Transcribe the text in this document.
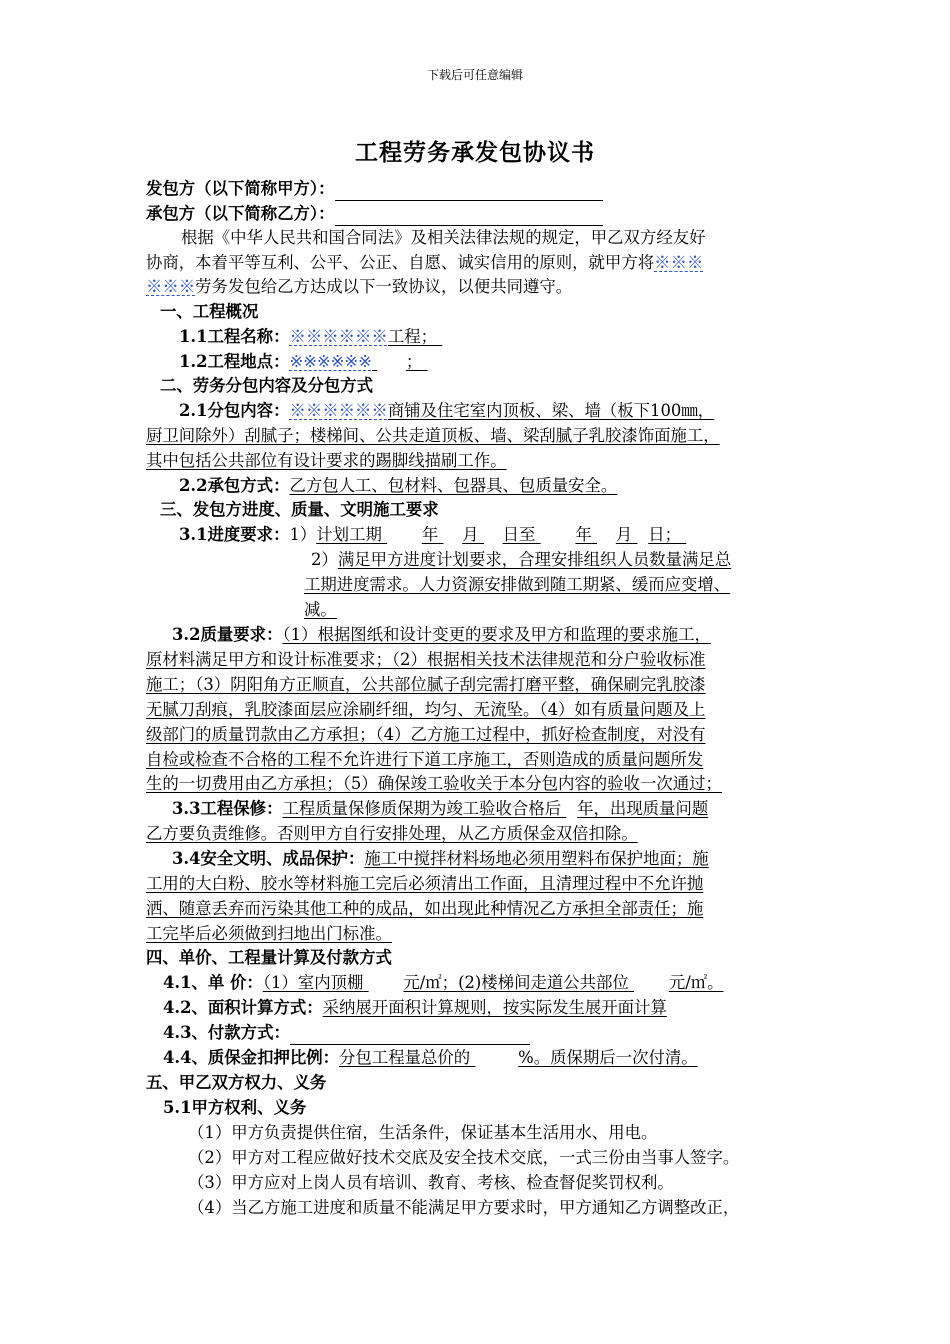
下载后可任意编辑
工程劳务承发包协议书
发包方（以下简称甲方）：
承包方（以下简称乙方）：
根据《中华人民共和国合同法》及相关法律法规的规定，甲乙双方经友好
协商，本着平等互利、公平、公正、自愿、诚实信用的原则，就甲方将※※※
※※※劳务发包给乙方达成以下一致协议，以便共同遵守。
一、工程概况
1.1工程名称：※※※※※※工程；
1.2工程地点：※※※※※※ ；
二、劳务分包内容及分包方式
2.1分包内容：※※※※※※商铺及住宅室内顶板、梁、墙（板下100㎜，
厨卫间除外）刮腻子；楼梯间、公共走道顶板、墙、梁刮腻子乳胶漆饰面施工，
其中包括公共部位有设计要求的踢脚线描刷工作。
2.2承包方式：乙方包人工、包材料、包器具、包质量安全。
三、发包方进度、质量、文明施工要求
3.1进度要求：1）计划工期 年 月 日至 年 月 日；
2）满足甲方进度计划要求，合理安排组织人员数量满足总
工期进度需求。人力资源安排做到随工期紧、缓而应变增、
减。
3.2质量要求：（1）根据图纸和设计变更的要求及甲方和监理的要求施工，
原材料满足甲方和设计标准要求；（2）根据相关技术法律规范和分户验收标准
施工；（3）阴阳角方正顺直，公共部位腻子刮完需打磨平整，确保刷完乳胶漆
无腻刀刮痕，乳胶漆面层应涂刷纤细，均匀、无流坠。（4）如有质量问题及上
级部门的质量罚款由乙方承担；（4）乙方施工过程中，抓好检查制度，对没有
自检或检查不合格的工程不允许进行下道工序施工，否则造成的质量问题所发
生的一切费用由乙方承担；（5）确保竣工验收关于本分包内容的验收一次通过；
3.3工程保修：工程质量保修质保期为竣工验收合格后 年，出现质量问题
乙方要负责维修。否则甲方自行安排处理，从乙方质保金双倍扣除。
3.4安全文明、成品保护：施工中搅拌材料场地必须用塑料布保护地面；施
工用的大白粉、胶水等材料施工完后必须清出工作面，且清理过程中不允许抛
洒、随意丢弃而污染其他工种的成品，如出现此种情况乙方承担全部责任；施
工完毕后必须做到扫地出门标准。
四、单价、工程量计算及付款方式
4.1、单 价：（1）室内顶棚 元/㎡；(2)楼梯间走道公共部位 元/㎡。
4.2、面积计算方式：采纳展开面积计算规则，按实际发生展开面计算
4.3、付款方式：
4.4、质保金扣押比例：分包工程量总价的	%。质保期后一次付清。
五、甲乙双方权力、义务
5.1甲方权利、义务
（1）甲方负责提供住宿，生活条件，保证基本生活用水、用电。
（2）甲方对工程应做好技术交底及安全技术交底，一式三份由当事人签字。
（3）甲方应对上岗人员有培训、教育、考核、检查督促奖罚权利。
（4）当乙方施工进度和质量不能满足甲方要求时，甲方通知乙方调整改正，
